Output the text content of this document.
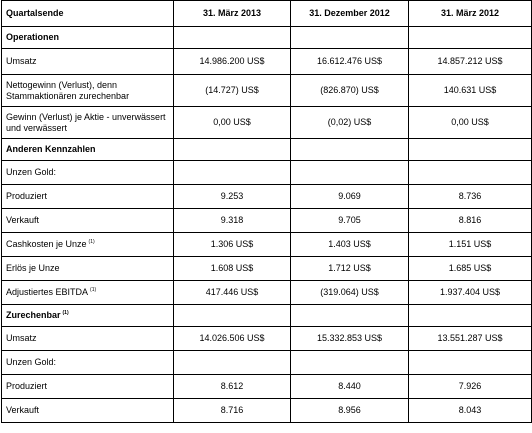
Quartalsende	31. März 2013	31. Dezember 2012	31. März 2012
Operationen			
Umsatz	14.986.200 US$	16.612.476 US$	14.857.212 US$
Nettogewinn (Verlust), denn Stammaktionären zurechenbar	(14.727) US$	(826.870) US$	140.631 US$
Gewinn (Verlust) je Aktie - unverwässert und verwässert	0,00 US$	(0,02) US$	0,00 US$
Anderen Kennzahlen			
Unzen Gold:			
Produziert	9.253	9.069	8.736
Verkauft	9.318	9.705	8.816
Cashkosten je Unze $^{(1)}$	1.306 US$	1.403 US$	1.151 US$
Erlös je Unze	1.608 US$	1.712 US$	1.685 US$
Adjustiertes EBITDA $^{(1)}$	417.446 US$	(319.064) US$	1.937.404 US$
Zurechenbar $^{(1)}$			
Umsatz	14.026.506 US$	15.332.853 US$	13.551.287 US$
Unzen Gold:			
Produziert	8.612	8.440	7.926
Verkauft	8.716	8.956	8.043
